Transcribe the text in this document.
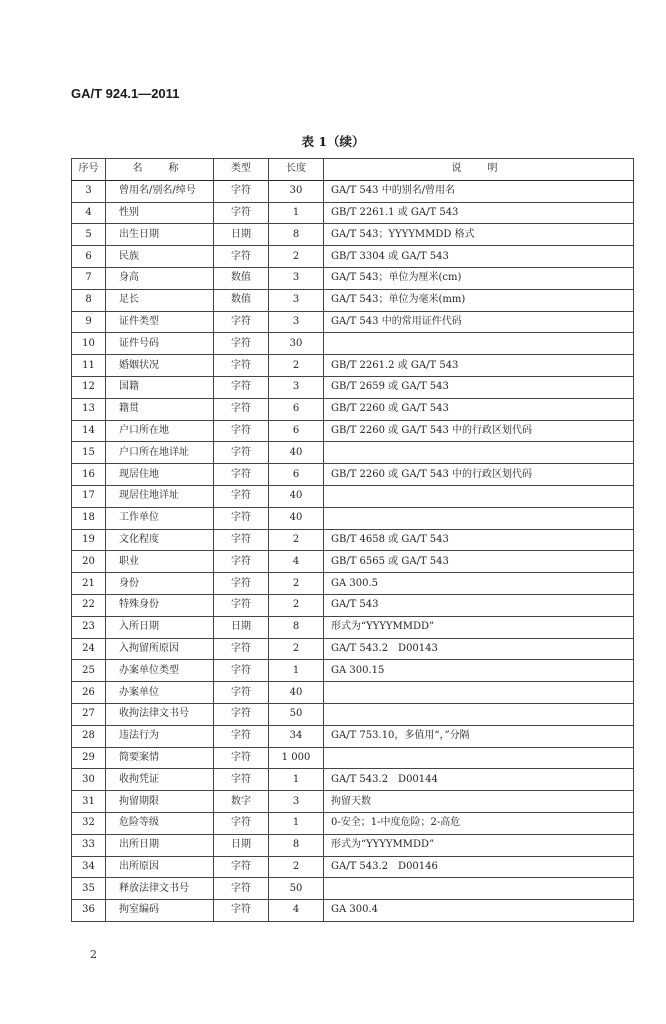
GA/T 924.1—2011
表 1（续）
序号	名　称	类型	长度	说　明
3	曾用名/别名/绰号	字符	30	GA/T 543 中的别名/曾用名
4	性别	字符	1	GB/T 2261.1 或 GA/T 543
5	出生日期	日期	8	GA/T 543；YYYYMMDD 格式
6	民族	字符	2	GB/T 3304 或 GA/T 543
7	身高	数值	3	GA/T 543；单位为厘米(cm)
8	足长	数值	3	GA/T 543；单位为毫米(mm)
9	证件类型	字符	3	GA/T 543 中的常用证件代码
10	证件号码	字符	30	
11	婚姻状况	字符	2	GB/T 2261.2 或 GA/T 543
12	国籍	字符	3	GB/T 2659 或 GA/T 543
13	籍贯	字符	6	GB/T 2260 或 GA/T 543
14	户口所在地	字符	6	GB/T 2260 或 GA/T 543 中的行政区划代码
15	户口所在地详址	字符	40	
16	现居住地	字符	6	GB/T 2260 或 GA/T 543 中的行政区划代码
17	现居住地详址	字符	40	
18	工作单位	字符	40	
19	文化程度	字符	2	GB/T 4658 或 GA/T 543
20	职业	字符	4	GB/T 6565 或 GA/T 543
21	身份	字符	2	GA 300.5
22	特殊身份	字符	2	GA/T 543
23	入所日期	日期	8	形式为“YYYYMMDD”
24	入拘留所原因	字符	2	GA/T 543.2　D00143
25	办案单位类型	字符	1	GA 300.15
26	办案单位	字符	40	
27	收拘法律文书号	字符	50	
28	违法行为	字符	34	GA/T 753.10，多值用“，”分隔
29	简要案情	字符	1 000	
30	收拘凭证	字符	1	GA/T 543.2　D00144
31	拘留期限	数字	3	拘留天数
32	危险等级	字符	1	0-安全；1-中度危险；2-高危
33	出所日期	日期	8	形式为“YYYYMMDD”
34	出所原因	字符	2	GA/T 543.2　D00146
35	释放法律文书号	字符	50	
36	拘室编码	字符	4	GA 300.4
2
